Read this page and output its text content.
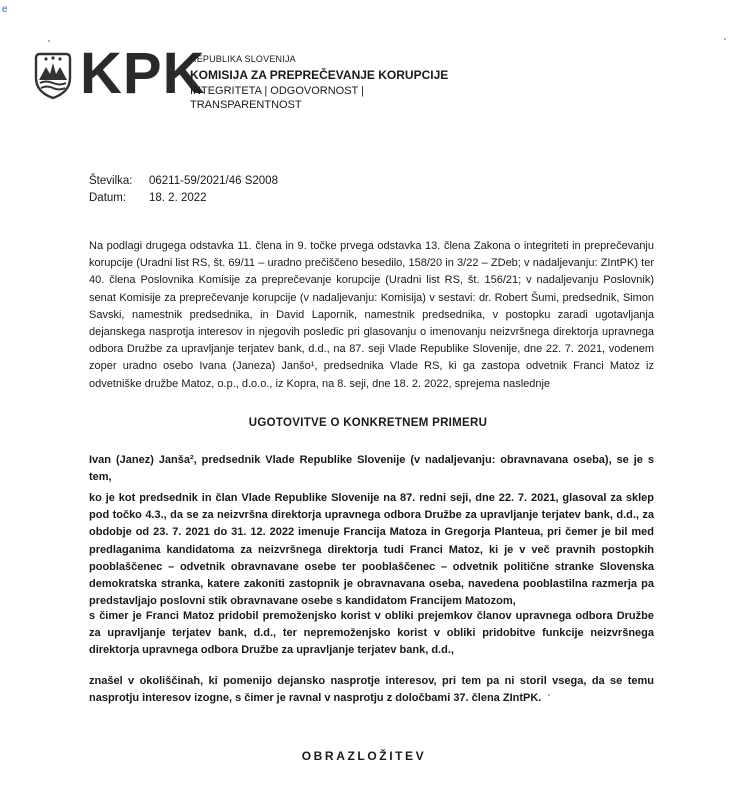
e
KPK
REPUBLIKA SLOVENIJA
KOMISIJA ZA PREPREČEVANJE KORUPCIJE
INTEGRITETA | ODGOVORNOST | TRANSPARENTNOST
Številka:	06211-59/2021/46 S2008
Datum:	18. 2. 2022
Na podlagi drugega odstavka 11. člena in 9. točke prvega odstavka 13. člena Zakona o integriteti in preprečevanju korupcije (Uradni list RS, št. 69/11 – uradno prečiščeno besedilo, 158/20 in 3/22 – ZDeb; v nadaljevanju: ZIntPK) ter 40. člena Poslovnika Komisije za preprečevanje korupcije (Uradni list RS, št. 156/21; v nadaljevanju Poslovnik) senat Komisije za preprečevanje korupcije (v nadaljevanju: Komisija) v sestavi: dr. Robert Šumi, predsednik, Simon Savski, namestnik predsednika, in David Lapornik, namestnik predsednika, v postopku zaradi ugotavljanja dejanskega nasprotja interesov in njegovih posledic pri glasovanju o imenovanju neizvršnega direktorja upravnega odbora Družbe za upravljanje terjatev bank, d.d., na 87. seji Vlade Republike Slovenije, dne 22. 7. 2021, vodenem zoper uradno osebo Ivana (Janeza) Janšo¹, predsednika Vlade RS, ki ga zastopa odvetnik Franci Matoz iz odvetniške družbe Matoz, o.p., d.o.o., iz Kopra, na 8. seji, dne 18. 2. 2022, sprejema naslednje
UGOTOVITVE O KONKRETNEM PRIMERU
Ivan (Janez) Janša², predsednik Vlade Republike Slovenije (v nadaljevanju: obravnavana oseba), se je s tem,
ko je kot predsednik in član Vlade Republike Slovenije na 87. redni seji, dne 22. 7. 2021, glasoval za sklep pod točko 4.3., da se za neizvršna direktorja upravnega odbora Družbe za upravljanje terjatev bank, d.d., za obdobje od 23. 7. 2021 do 31. 12. 2022 imenuje Francija Matoza in Gregorja Planteua, pri čemer je bil med predlaganima kandidatoma za neizvršnega direktorja tudi Franci Matoz, ki je v več pravnih postopkih pooblaščenec – odvetnik obravnavane osebe ter pooblaščenec – odvetnik politične stranke Slovenska demokratska stranka, katere zakoniti zastopnik je obravnavana oseba, navedena pooblastilna razmerja pa predstavljajo poslovni stik obravnavane osebe s kandidatom Francijem Matozom,
s čimer je Franci Matoz pridobil premoženjsko korist v obliki prejemkov članov upravnega odbora Družbe za upravljanje terjatev bank, d.d., ter nepremoženjsko korist v obliki pridobitve funkcije neizvršnega direktorja upravnega odbora Družbe za upravljanje terjatev bank, d.d.,
znašel v okoliščinah, ki pomenijo dejansko nasprotje interesov, pri tem pa ni storil vsega, da se temu nasprotju interesov izogne, s čimer je ravnal v nasprotju z določbami 37. člena ZIntPK.
OBRAZLOŽITEV
